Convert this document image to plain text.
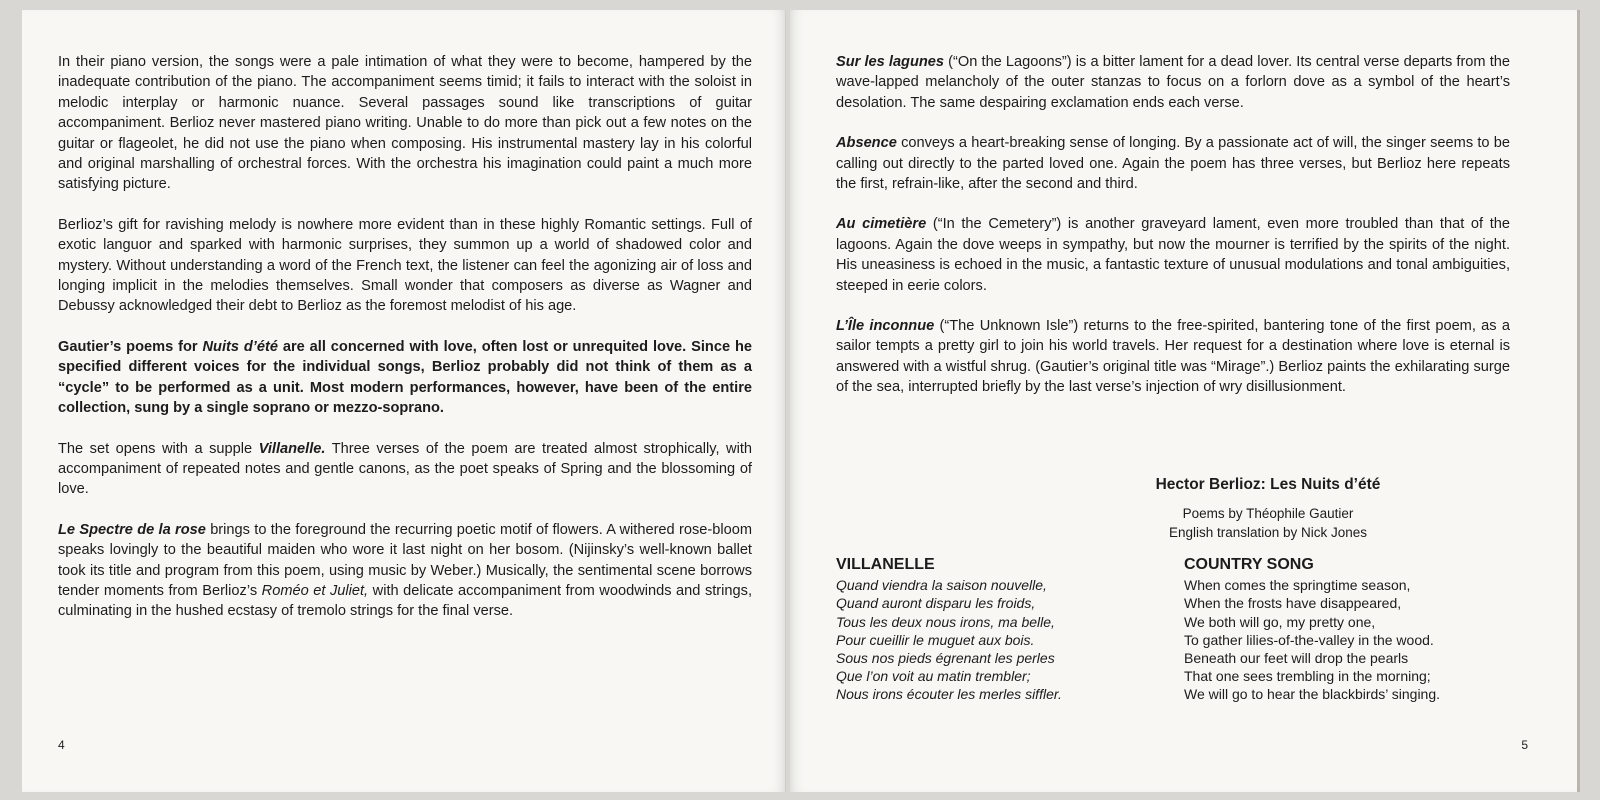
In their piano version, the songs were a pale intimation of what they were to become, hampered by the inadequate contribution of the piano. The accompaniment seems timid; it fails to interact with the soloist in melodic interplay or harmonic nuance. Several passages sound like transcriptions of guitar accompaniment. Berlioz never mastered piano writing. Unable to do more than pick out a few notes on the guitar or flageolet, he did not use the piano when composing. His instrumental mastery lay in his colorful and original marshalling of orchestral forces. With the orchestra his imagination could paint a much more satisfying picture.

Berlioz’s gift for ravishing melody is nowhere more evident than in these highly Romantic settings. Full of exotic languor and sparked with harmonic surprises, they summon up a world of shadowed color and mystery. Without understanding a word of the French text, the listener can feel the agonizing air of loss and longing implicit in the melodies themselves. Small wonder that composers as diverse as Wagner and Debussy acknowledged their debt to Berlioz as the foremost melodist of his age.

Gautier’s poems for Nuits d’été are all concerned with love, often lost or unrequited love. Since he specified different voices for the individual songs, Berlioz probably did not think of them as a “cycle” to be performed as a unit. Most modern performances, however, have been of the entire collection, sung by a single soprano or mezzo-soprano.

The set opens with a supple Villanelle. Three verses of the poem are treated almost strophically, with accompaniment of repeated notes and gentle canons, as the poet speaks of Spring and the blossoming of love.

Le Spectre de la rose brings to the foreground the recurring poetic motif of flowers. A withered rose-bloom speaks lovingly to the beautiful maiden who wore it last night on her bosom. (Nijinsky’s well-known ballet took its title and program from this poem, using music by Weber.) Musically, the sentimental scene borrows tender moments from Berlioz’s Roméo et Juliet, with delicate accompaniment from woodwinds and strings, culminating in the hushed ecstasy of tremolo strings for the final verse.

4

Sur les lagunes (“On the Lagoons”) is a bitter lament for a dead lover. Its central verse departs from the wave-lapped melancholy of the outer stanzas to focus on a forlorn dove as a symbol of the heart’s desolation. The same despairing exclamation ends each verse.

Absence conveys a heart-breaking sense of longing. By a passionate act of will, the singer seems to be calling out directly to the parted loved one. Again the poem has three verses, but Berlioz here repeats the first, refrain-like, after the second and third.

Au cimetière (“In the Cemetery”) is another graveyard lament, even more troubled than that of the lagoons. Again the dove weeps in sympathy, but now the mourner is terrified by the spirits of the night. His uneasiness is echoed in the music, a fantastic texture of unusual modulations and tonal ambiguities, steeped in eerie colors.

L’Île inconnue (“The Unknown Isle”) returns to the free-spirited, bantering tone of the first poem, as a sailor tempts a pretty girl to join his world travels. Her request for a destination where love is eternal is answered with a wistful shrug. (Gautier’s original title was “Mirage”.) Berlioz paints the exhilarating surge of the sea, interrupted briefly by the last verse’s injection of wry disillusionment.

Hector Berlioz: Les Nuits d’été
Poems by Théophile Gautier
English translation by Nick Jones
VILLANELLE
Quand viendra la saison nouvelle,
Quand auront disparu les froids,
Tous les deux nous irons, ma belle,
Pour cueillir le muguet aux bois.
Sous nos pieds égrenant les perles
Que l’on voit au matin trembler;
Nous irons écouter les merles siffler.
COUNTRY SONG
When comes the springtime season,
When the frosts have disappeared,
We both will go, my pretty one,
To gather lilies-of-the-valley in the wood.
Beneath our feet will drop the pearls
That one sees trembling in the morning;
We will go to hear the blackbirds’ singing.
5
